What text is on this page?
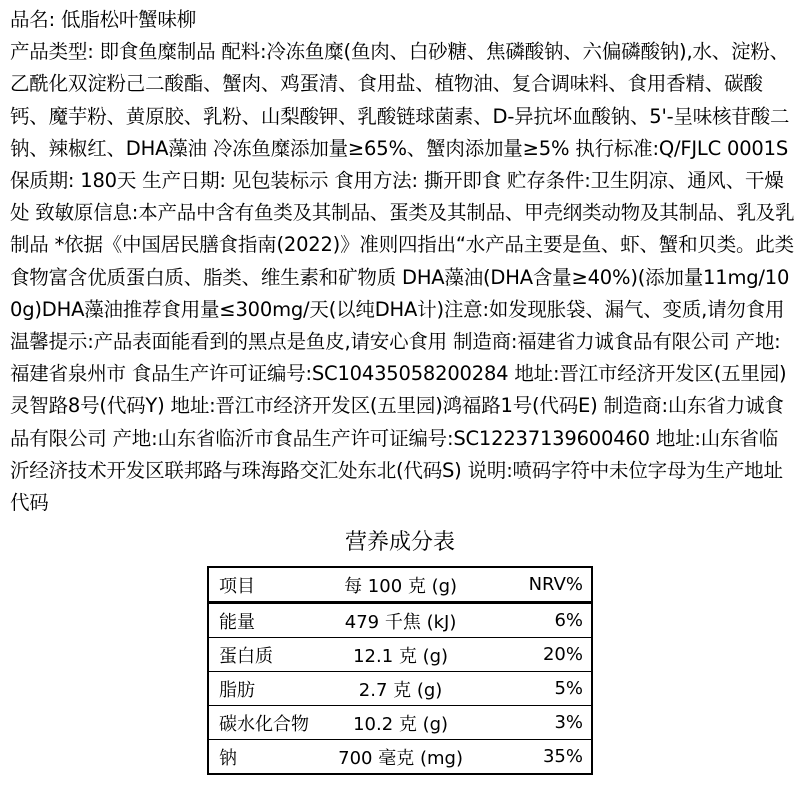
品名: 低脂松叶蟹味柳

产品类型: 即食鱼糜制品 配料:冷冻鱼糜(鱼肉、白砂糖、焦磷酸钠、六偏磷酸钠),水、淀粉、乙酰化双淀粉己二酸酯、蟹肉、鸡蛋清、食用盐、植物油、复合调味料、食用香精、碳酸钙、魔芋粉、黄原胶、乳粉、山梨酸钾、乳酸链球菌素、D-异抗坏血酸钠、5'-呈味核苷酸二钠、辣椒红、DHA藻油 冷冻鱼糜添加量≥65%、蟹肉添加量≥5% 执行标准:Q/FJLC 0001S 保质期: 180天 生产日期: 见包装标示 食用方法: 撕开即食 贮存条件:卫生阴凉、通风、干燥处 致敏原信息:本产品中含有鱼类及其制品、蛋类及其制品、甲壳纲类动物及其制品、乳及乳制品 *依据《中国居民膳食指南(2022)》准则四指出“水产品主要是鱼、虾、蟹和贝类。此类食物富含优质蛋白质、脂类、维生素和矿物质 DHA藻油(DHA含量≥40%)(添加量11mg/100g)DHA藻油推荐食用量≤300mg/天(以纯DHA计)注意:如发现胀袋、漏气、变质,请勿食用 温馨提示:产品表面能看到的黑点是鱼皮,请安心食用 制造商:福建省力诚食品有限公司 产地:福建省泉州市 食品生产许可证编号:SC10435058200284 地址:晋江市经济开发区(五里园)灵智路8号(代码Y) 地址:晋江市经济开发区(五里园)鸿福路1号(代码E) 制造商:山东省力诚食品有限公司 产地:山东省临沂市食品生产许可证编号:SC12237139600460 地址:山东省临沂经济技术开发区联邦路与珠海路交汇处东北(代码S) 说明:喷码字符中未位字母为生产地址代码

营养成分表
项目	每 100 克 (g)	NRV%
能量	479 千焦 (kJ)	6%
蛋白质	12.1 克 (g)	20%
脂肪	2.7 克 (g)	5%
碳水化合物	10.2 克 (g)	3%
钠	700 毫克 (mg)	35%
